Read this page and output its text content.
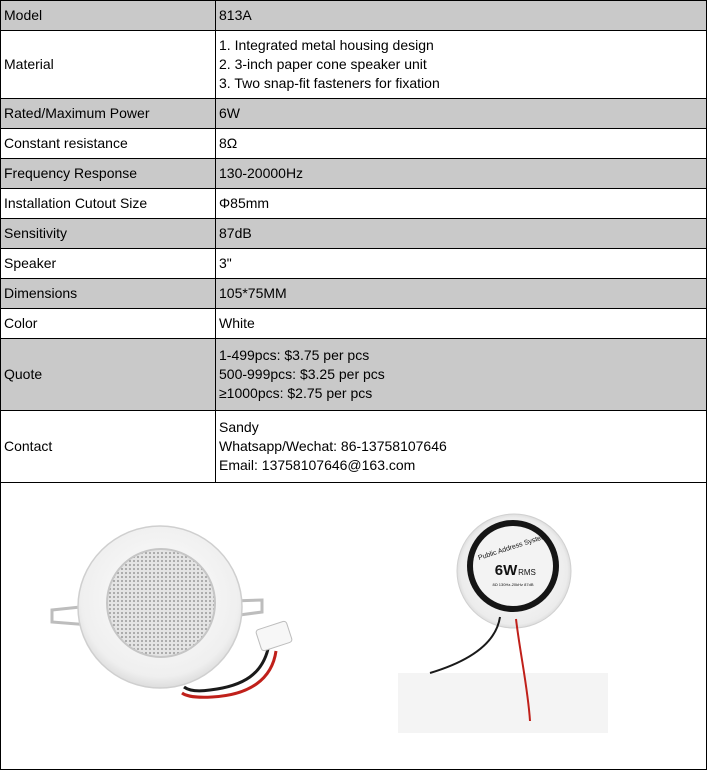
Model	813A
Material	1. Integrated metal housing design
2. 3-inch paper cone speaker unit
3. Two snap-fit fasteners for fixation

Rated/Maximum Power	6W
Constant resistance	8Ω
Frequency Response	130-20000Hz
Installation Cutout Size	Φ85mm
Sensitivity	87dB
Speaker	3"
Dimensions	105*75MM
Color	White
Quote	1-499pcs: $3.75 per pcs
500-999pcs: $3.25 per pcs
≥1000pcs: $2.75 per pcs

Contact	Sandy
Whatsapp/Wechat: 86-13758107646
Email: 13758107646@163.com
Public Address System
6W RMS
8Ω 130Hz-20kHz 87dB
